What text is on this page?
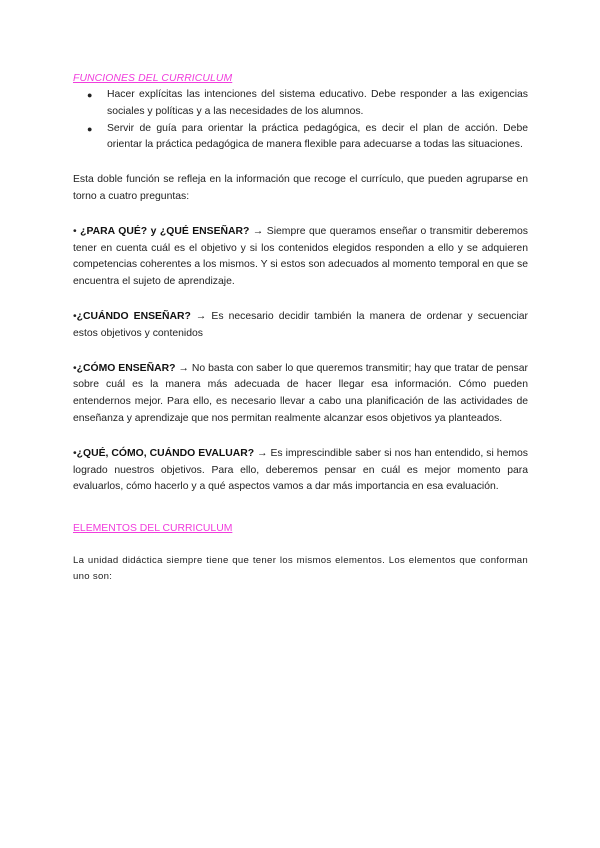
FUNCIONES DEL CURRICULUM
● Hacer explícitas las intenciones del sistema educativo. Debe responder a las exigencias sociales y políticas y a las necesidades de los alumnos.
● Servir de guía para orientar la práctica pedagógica, es decir el plan de acción. Debe orientar la práctica pedagógica de manera flexible para adecuarse a todas las situaciones.

Esta doble función se refleja en la información que recoge el currículo, que pueden agruparse en torno a cuatro preguntas:

• ¿PARA QUÉ? y ¿QUÉ ENSEÑAR? → Siempre que queramos enseñar o transmitir deberemos tener en cuenta cuál es el objetivo y si los contenidos elegidos responden a ello y se adquieren competencias coherentes a los mismos. Y si estos son adecuados al momento temporal en que se encuentra el sujeto de aprendizaje.

•¿CUÁNDO ENSEÑAR? → Es necesario decidir también la manera de ordenar y secuenciar estos objetivos y contenidos

•¿CÓMO ENSEÑAR? → No basta con saber lo que queremos transmitir; hay que tratar de pensar sobre cuál es la manera más adecuada de hacer llegar esa información. Cómo pueden entendernos mejor. Para ello, es necesario llevar a cabo una planificación de las actividades de enseñanza y aprendizaje que nos permitan realmente alcanzar esos objetivos ya planteados.

•¿QUÉ, CÓMO, CUÁNDO EVALUAR? → Es imprescindible saber si nos han entendido, si hemos logrado nuestros objetivos. Para ello, deberemos pensar en cuál es mejor momento para evaluarlos, cómo hacerlo y a qué aspectos vamos a dar más importancia en esa evaluación.

ELEMENTOS DEL CURRICULUM

La unidad didáctica siempre tiene que tener los mismos elementos. Los elementos que conforman uno son:
